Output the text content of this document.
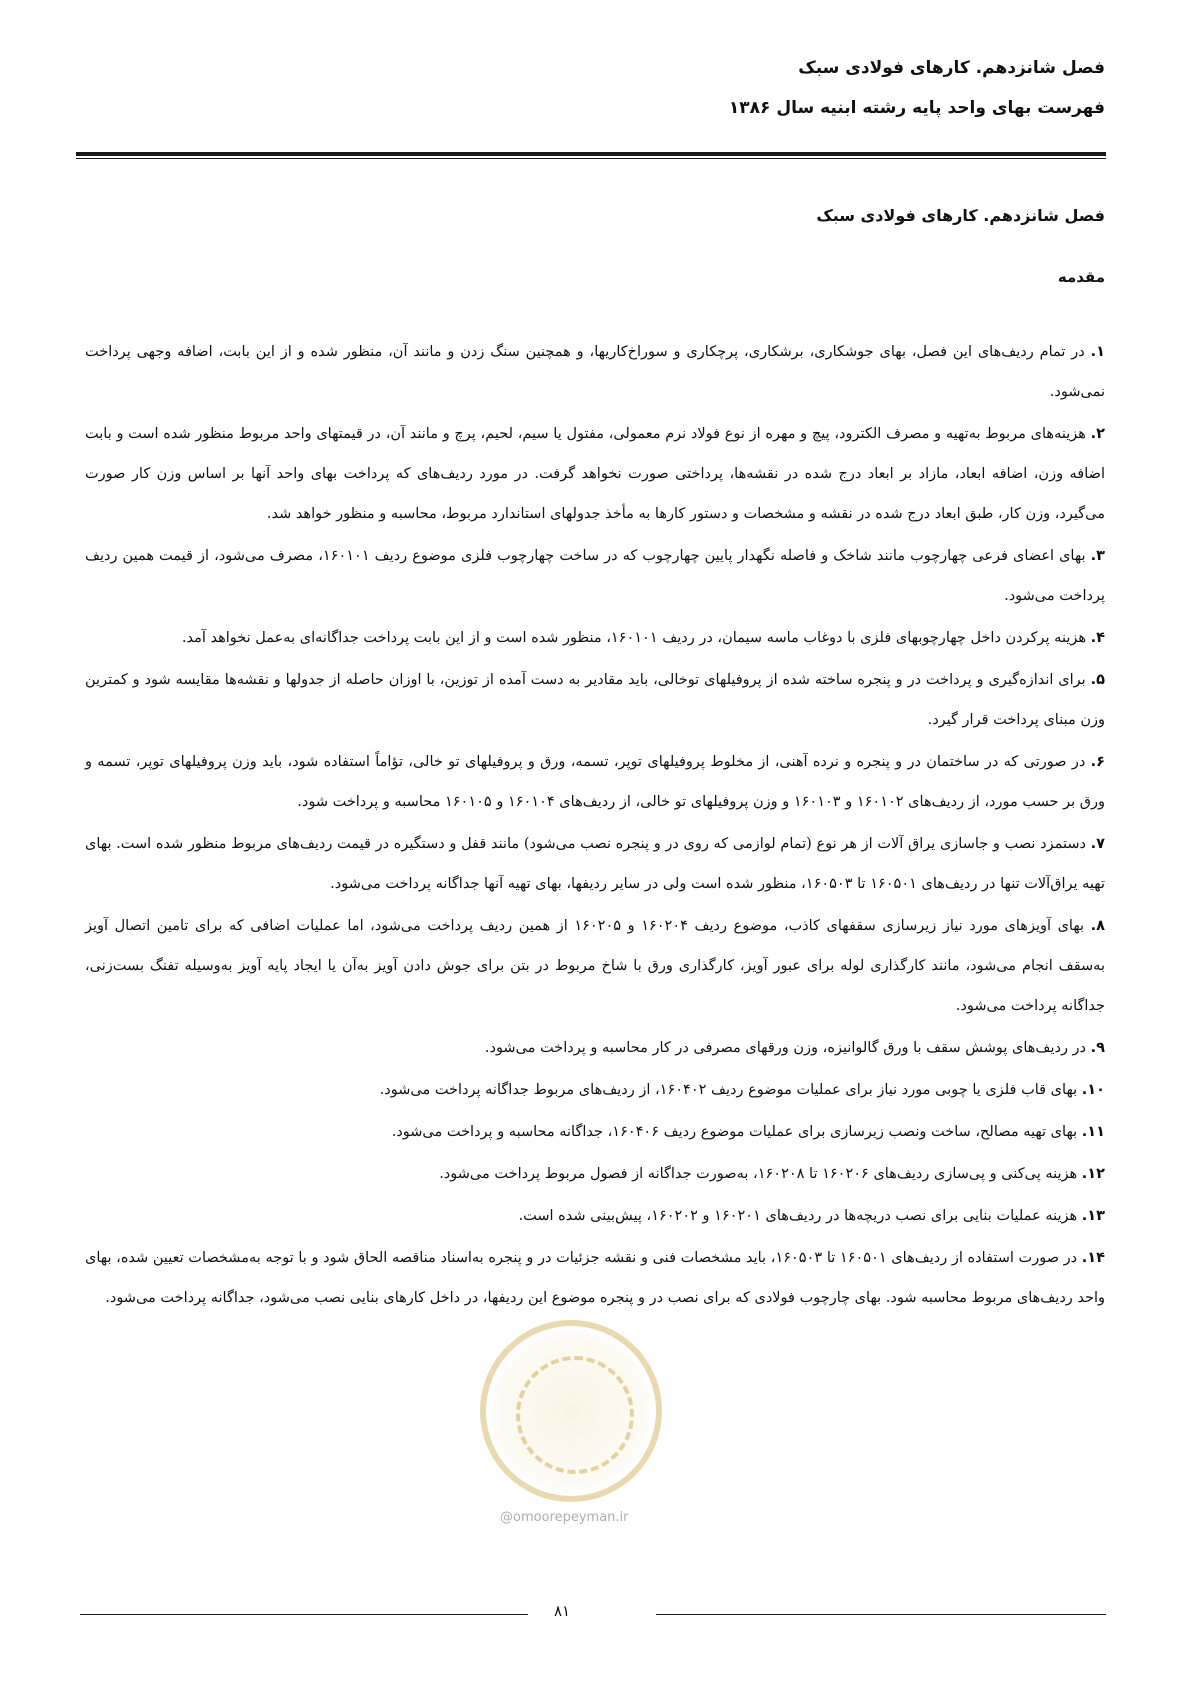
فصل شانزدهم. کارهای فولادی سبک
فهرست بهای واحد پایه رشته ابنیه سال ۱۳۸۶
فصل شانزدهم. کارهای فولادی سبک
مقدمه

۱. در تمام ردیف‌های این فصل، بهای جوشکاری، برشکاری، پرچکاری و سوراخ‌کاریها، و همچنین سنگ زدن و مانند آن، منظور شده و از این بابت، اضافه وجهی پرداخت نمی‌شود.

۲. هزینه‌های مربوط به‌تهیه و مصرف الکترود، پیچ و مهره از نوع فولاد نرم معمولی، مفتول یا سیم، لحیم، پرچ و مانند آن، در قیمتهای واحد مربوط منظور شده است و بابت اضافه وزن، اضافه ابعاد، مازاد بر ابعاد درج شده در نقشه‌ها، پرداختی صورت نخواهد گرفت. در مورد ردیف‌های که پرداخت بهای واحد آنها بر اساس وزن کار صورت می‌گیرد، وزن کار، طبق ابعاد درج شده در نقشه و مشخصات و دستور کارها به مأخذ جدولهای استاندارد مربوط، محاسبه و منظور خواهد شد.

۳. بهای اعضای فرعی چهارچوب مانند شاخک و فاصله نگهدار پایین چهارچوب که در ساخت چهارچوب فلزی موضوع ردیف ۱۶۰۱۰۱، مصرف می‌شود، از قیمت همین ردیف پرداخت می‌شود.

۴. هزینه پرکردن داخل چهارچوبهای فلزی با دوغاب ماسه سیمان، در ردیف ۱۶۰۱۰۱، منظور شده است و از این بابت پرداخت جداگانه‌ای به‌عمل نخواهد آمد.

۵. برای اندازه‌گیری و پرداخت در و پنجره ساخته شده از پروفیلهای توخالی، باید مقادیر به دست آمده از توزین، با اوزان حاصله از جدولها و نقشه‌ها مقایسه شود و کمترین وزن مبنای پرداخت قرار گیرد.

۶. در صورتی که در ساختمان در و پنجره و نرده آهنی، از مخلوط پروفیلهای توپر، تسمه، ورق و پروفیلهای تو خالی، تؤاماً استفاده شود، باید وزن پروفیلهای توپر، تسمه و ورق بر حسب مورد، از ردیف‌های ۱۶۰۱۰۲ و ۱۶۰۱۰۳ و وزن پروفیلهای تو خالی، از ردیف‌های ۱۶۰۱۰۴ و ۱۶۰۱۰۵ محاسبه و پرداخت شود.

۷. دستمزد نصب و جاسازی یراق آلات از هر نوع (تمام لوازمی که روی در و پنجره نصب می‌شود) مانند قفل و دستگیره در قیمت ردیف‌های مربوط منظور شده است. بهای تهیه یراق‌آلات تنها در ردیف‌های ۱۶۰۵۰۱ تا ۱۶۰۵۰۳، منظور شده است ولی در سایر ردیفها، بهای تهیه آنها جداگانه پرداخت می‌شود.

۸. بهای آویزهای مورد نیاز زیرسازی سقفهای کاذب، موضوع ردیف ۱۶۰۲۰۴ و ۱۶۰۲۰۵ از همین ردیف پرداخت می‌شود، اما عملیات اضافی که برای تامین اتصال آویز به‌سقف انجام می‌شود، مانند کارگذاری لوله برای عبور آویز، کارگذاری ورق با شاخ مربوط در بتن برای جوش دادن آویز به‌آن یا ایجاد پایه آویز به‌وسیله تفنگ بست‌زنی، جداگانه پرداخت می‌شود.

۹. در ردیف‌های پوشش سقف با ورق گالوانیزه، وزن ورقهای مصرفی در کار محاسبه و پرداخت می‌شود.

۱۰. بهای قاب فلزی یا چوبی مورد نیاز برای عملیات موضوع ردیف ۱۶۰۴۰۲، از ردیف‌های مربوط جداگانه پرداخت می‌شود.

۱۱. بهای تهیه مصالح، ساخت ونصب زیرسازی برای عملیات موضوع ردیف ۱۶۰۴۰۶، جداگانه محاسبه و پرداخت می‌شود.

۱۲. هزینه پی‌کنی و پی‌سازی ردیف‌های ۱۶۰۲۰۶ تا ۱۶۰۲۰۸، به‌صورت جداگانه از فصول مربوط پرداخت می‌شود.

۱۳. هزینه عملیات بنایی برای نصب دریچه‌ها در ردیف‌های ۱۶۰۲۰۱ و ۱۶۰۲۰۲، پیش‌بینی شده است.

۱۴. در صورت استفاده از ردیف‌های ۱۶۰۵۰۱ تا ۱۶۰۵۰۳، باید مشخصات فنی و نقشه جزئیات در و پنجره به‌اسناد مناقصه الحاق شود و با توجه به‌مشخصات تعیین شده، بهای واحد ردیف‌های مربوط محاسبه شود. بهای چارچوب فولادی که برای نصب در و پنجره موضوع این ردیفها، در داخل کارهای بنایی نصب می‌شود، جداگانه پرداخت می‌شود.

@omoorepeyman.ir
۸۱
